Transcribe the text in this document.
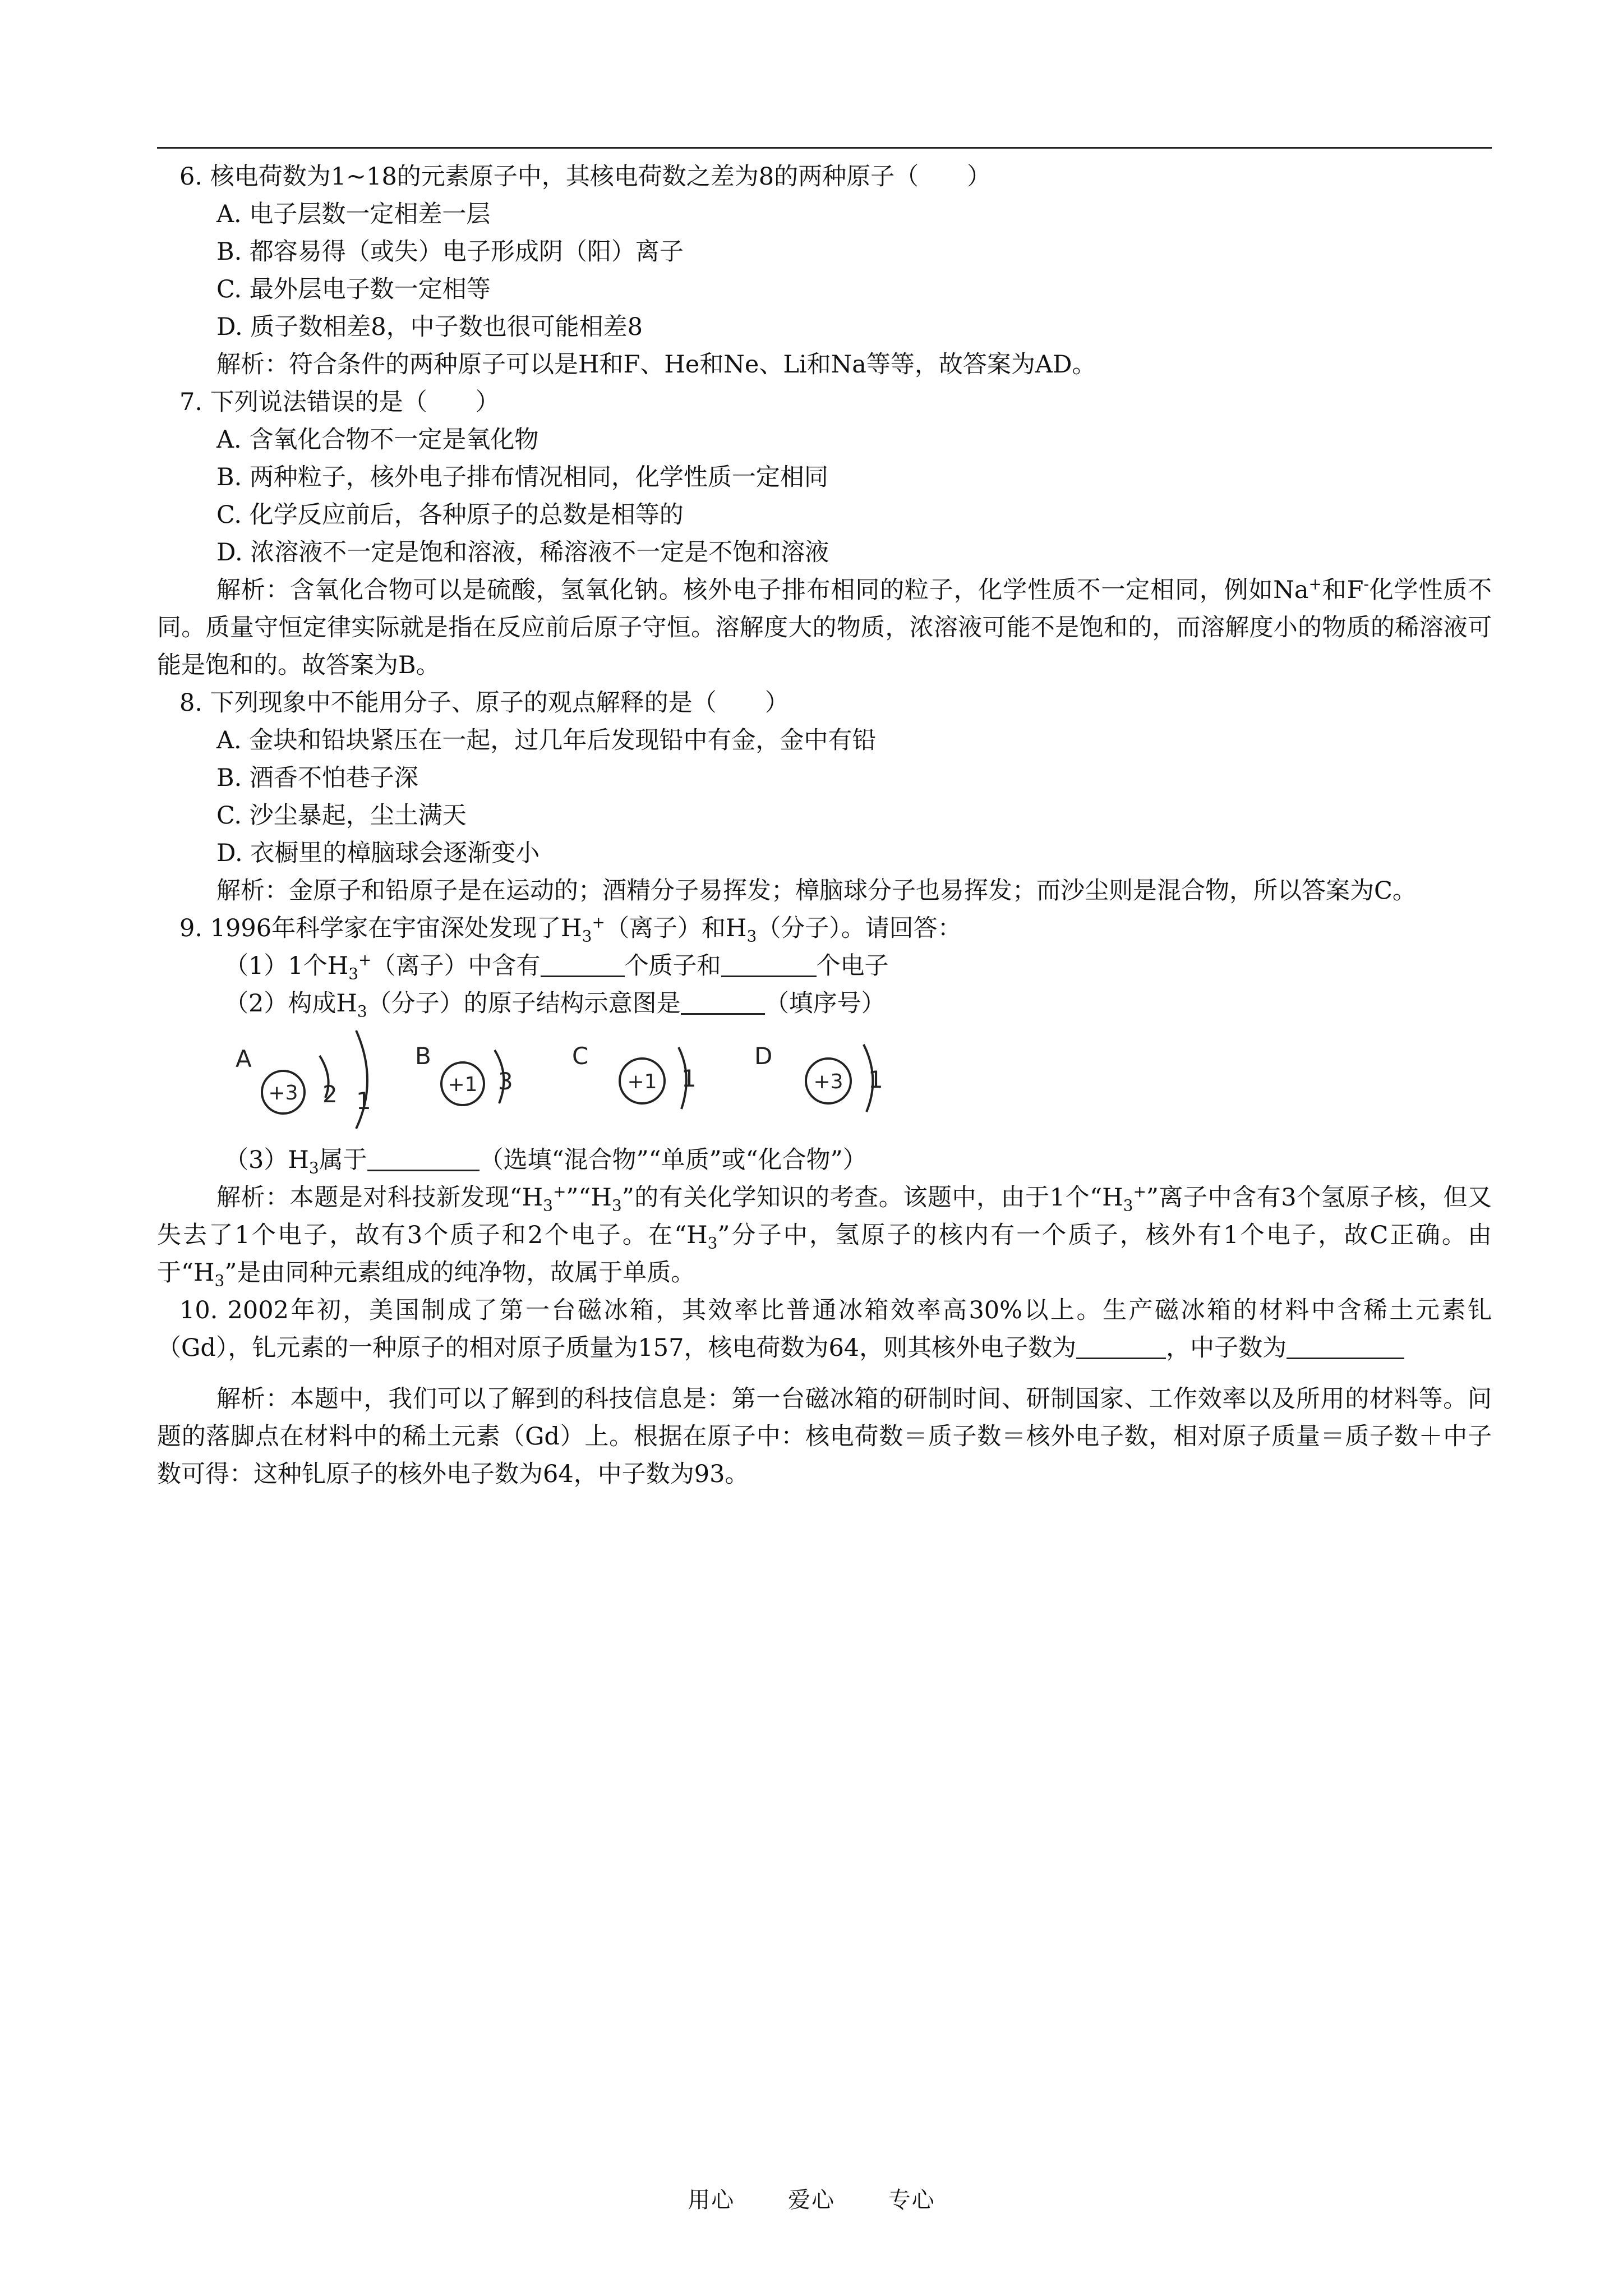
6. 核电荷数为1~18的元素原子中，其核电荷数之差为8的两种原子（　　）

A. 电子层数一定相差一层

B. 都容易得（或失）电子形成阴（阳）离子

C. 最外层电子数一定相等

D. 质子数相差8，中子数也很可能相差8

解析：符合条件的两种原子可以是H和F、He和Ne、Li和Na等等，故答案为AD。

7. 下列说法错误的是（　　）

A. 含氧化合物不一定是氧化物

B. 两种粒子，核外电子排布情况相同，化学性质一定相同

C. 化学反应前后，各种原子的总数是相等的

D. 浓溶液不一定是饱和溶液，稀溶液不一定是不饱和溶液

解析：含氧化合物可以是硫酸，氢氧化钠。核外电子排布相同的粒子，化学性质不一定相同，例如Na+和F-化学性质不同。质量守恒定律实际就是指在反应前后原子守恒。溶解度大的物质，浓溶液可能不是饱和的，而溶解度小的物质的稀溶液可能是饱和的。故答案为B。

8. 下列现象中不能用分子、原子的观点解释的是（　　）

A. 金块和铅块紧压在一起，过几年后发现铅中有金，金中有铅

B. 酒香不怕巷子深

C. 沙尘暴起，尘土满天

D. 衣橱里的樟脑球会逐渐变小

解析：金原子和铅原子是在运动的；酒精分子易挥发；樟脑球分子也易挥发；而沙尘则是混合物，所以答案为C。

9. 1996年科学家在宇宙深处发现了$H_3^+$（离子）和$H_3$（分子）。请回答：

（1）1个$H_3^+$（离子）中含有	个质子和	个电子

（2）构成$H_3$（分子）的原子结构示意图是	（填序号）

A
+3 2 1
B
+1 3
C
+1 1
D
+3 1

$(3)H_3$属于	（选填“混合物”“单质”或“化合物”）

解析：本题是对科技新发现“$H_3^+”“H_3$”的有关化学知识的考查。该题中，由于1个“$H_3^+$”离子中含有3个氢原子核，但又失去了1个电子，故有3个质子和2个电子。在“$H_3$”分子中，氢原子的核内有一个质子，核外有1个电子，故C正确。由于“$H_3$”是由同种元素组成的纯净物，故属于单质。

10. 2002年初，美国制成了第一台磁冰箱，其效率比普通冰箱效率高30%以上。生产磁冰箱的材料中含稀土元素钆（Gd），钆元素的一种原子的相对原子质量为157，核电荷数为64，则其核外电子数为	，中子数为

解析：本题中，我们可以了解到的科技信息是：第一台磁冰箱的研制时间、研制国家、工作效率以及所用的材料等。问题的落脚点在材料中的稀土元素（Gd）上。根据在原子中：核电荷数＝质子数＝核外电子数，相对原子质量＝质子数＋中子数可得：这种钆原子的核外电子数为64，中子数为93。

用心 爱心 专心
